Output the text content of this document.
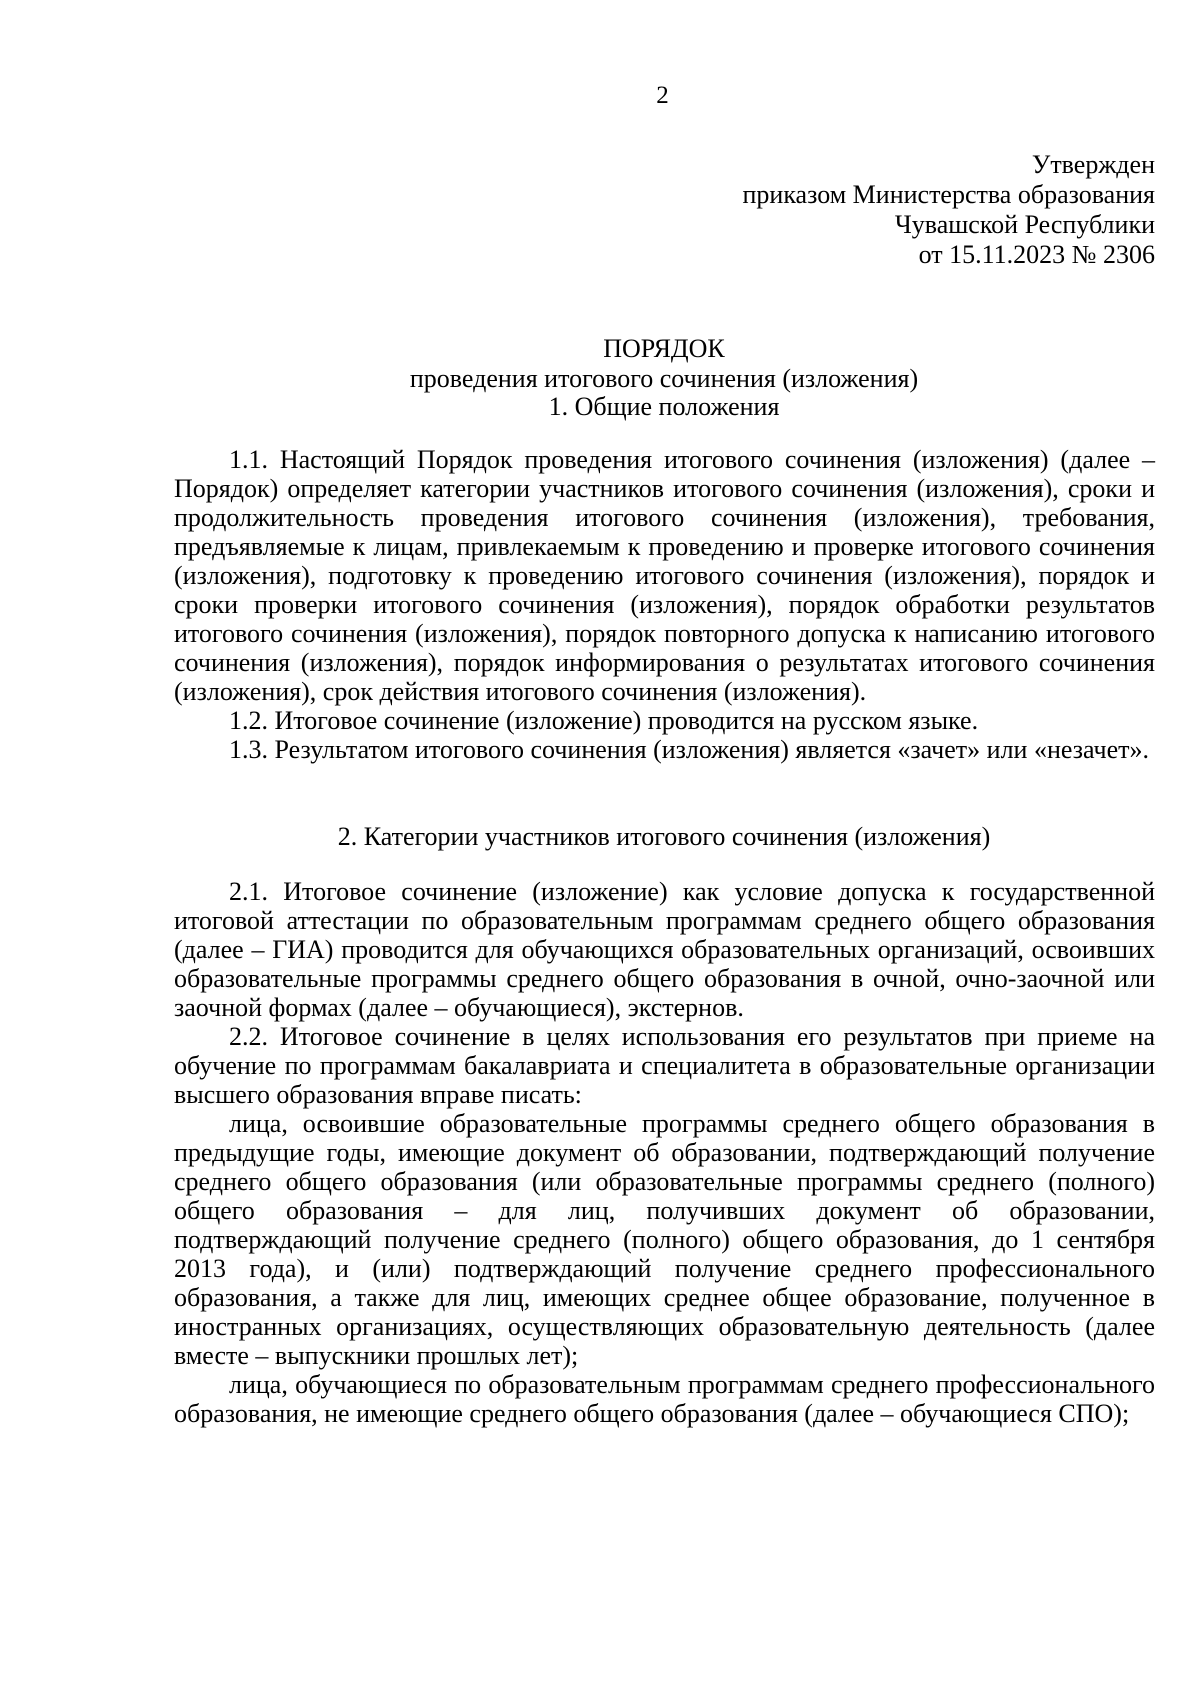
2
Утвержден
приказом Министерства образования
Чувашской Республики
от 15.11.2023 № 2306
ПОРЯДОК
проведения итогового сочинения (изложения)
1. Общие положения

1.1. Настоящий Порядок проведения итогового сочинения (изложения) (далее – Порядок) определяет категории участников итогового сочинения (изложения), сроки и продолжительность проведения итогового сочинения (изложения), требования, предъявляемые к лицам, привлекаемым к проведению и проверке итогового сочинения (изложения), подготовку к проведению итогового сочинения (изложения), порядок и сроки проверки итогового сочинения (изложения), порядок обработки результатов итогового сочинения (изложения), порядок повторного допуска к написанию итогового сочинения (изложения), порядок информирования о результатах итогового сочинения (изложения), срок действия итогового сочинения (изложения).

1.2. Итоговое сочинение (изложение) проводится на русском языке.

1.3. Результатом итогового сочинения (изложения) является «зачет» или «незачет».

2. Категории участников итогового сочинения (изложения)

2.1. Итоговое сочинение (изложение) как условие допуска к государственной итоговой аттестации по образовательным программам среднего общего образования (далее – ГИА) проводится для обучающихся образовательных организаций, освоивших образовательные программы среднего общего образования в очной, очно-заочной или заочной формах (далее – обучающиеся), экстернов.

2.2. Итоговое сочинение в целях использования его результатов при приеме на обучение по программам бакалавриата и специалитета в образовательные организации высшего образования вправе писать:

лица, освоившие образовательные программы среднего общего образования в предыдущие годы, имеющие документ об образовании, подтверждающий получение среднего общего образования (или образовательные программы среднего (полного) общего образования – для лиц, получивших документ об образовании, подтверждающий получение среднего (полного) общего образования, до 1 сентября 2013 года), и (или) подтверждающий получение среднего профессионального образования, а также для лиц, имеющих среднее общее образование, полученное в иностранных организациях, осуществляющих образовательную деятельность (далее вместе – выпускники прошлых лет);

лица, обучающиеся по образовательным программам среднего профессионального образования, не имеющие среднего общего образования (далее – обучающиеся СПО);
